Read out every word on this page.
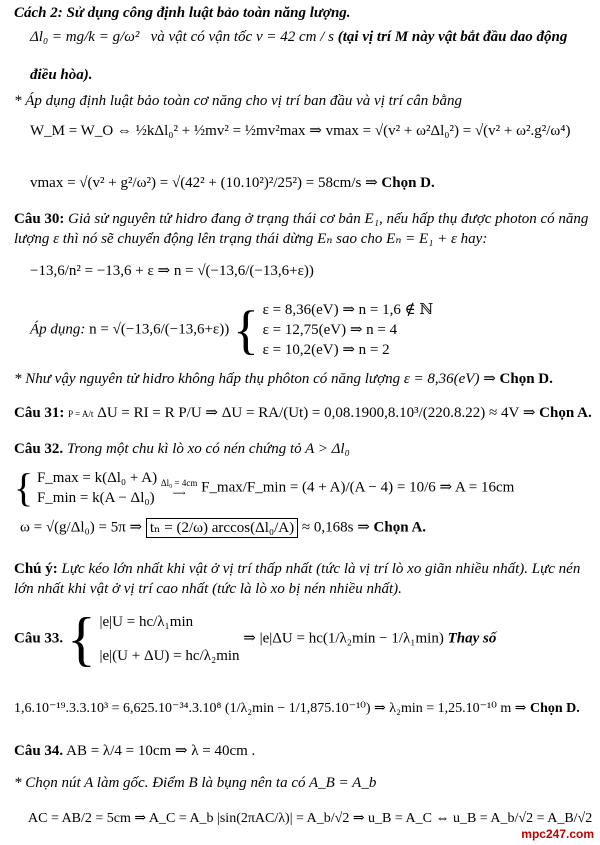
Cách 2: Sử dụng công định luật bảo toàn năng lượng.
Δl₀ = mg/k = g/ω² và vật có vận tốc v = 42 cm / s (tại vị trí M này vật bắt đầu dao động
điều hòa).
* Áp dụng định luật bảo toàn cơ năng cho vị trí ban đầu và vị trí cân bằng
W_M = W_O ⇔ ½kΔl₀² + ½mv² = ½mv²max ⇒ vmax = √(v² + ω²Δl₀²) = √(v² + ω².g²/ω⁴)
vmax = √(v² + g²/ω²) = √(42² + (10.10²)²/25²) = 58cm/s ⇒ Chọn D.
Câu 30: Giả sử nguyên tử hidro đang ở trạng thái cơ bản E₁, nếu hấp thụ được photon có năng
lượng ε thì nó sẽ chuyển động lên trạng thái dừng Eₙ sao cho Eₙ = E₁ + ε hay:
−13,6/n² = −13,6 + ε ⇒ n = √(−13,6/(−13,6+ε))
Áp dụng: n = √(−13,6/(−13,6+ε)) { ε = 8,36(eV) ⇒ n = 1,6 ∉ ℕ
ε = 12,75(eV) ⇒ n = 4
ε = 10,2(eV) ⇒ n = 2
* Như vậy nguyên tử hidro không hấp thụ phôton có năng lượng ε = 8,36(eV) ⇒ Chọn D.
Câu 31: P = A/t ΔU = RI = R P/U ⇒ ΔU = RA/(Ut) = 0,08.1900,8.10³/(220.8.22) ≈ 4V ⇒ Chọn A.
Câu 32. Trong một chu kì lò xo có nén chứng tỏ A > Δl₀
{ F_max = k(Δl₀ + A)
F_min = k(A − Δl₀)

Δl₀ = 4cm
⟶	F_max/F_min = (4 + A)/(A − 4) = 10/6 ⇒ A = 16cm
ω = √(g/Δl₀) = 5π ⇒ tₙ = (2/ω) arccos(Δl₀/A) ≈ 0,168s ⇒ Chọn A.
Chú ý: Lực kéo lớn nhất khi vật ở vị trí thấp nhất (tức là vị trí lò xo giãn nhiều nhất). Lực nén
lớn nhất khi vật ở vị trí cao nhất (tức là lò xo bị nén nhiều nhất).
Câu 33. { |e|U = hc/λ₁min
|e|(U + ΔU) = hc/λ₂min
⇒ |e|ΔU = hc(1/λ₂min − 1/λ₁min) Thay số
1,6.10⁻¹⁹.3.3.10³ = 6,625.10⁻³⁴.3.10⁸ (1/λ₂min − 1/1,875.10⁻¹⁰) ⇒ λ₂min = 1,25.10⁻¹⁰ m ⇒ Chọn D.
Câu 34. AB = λ/4 = 10cm ⇒ λ = 40cm .
* Chọn nút A làm gốc. Điểm B là bụng nên ta có A_B = A_b
AC = AB/2 = 5cm ⇒ A_C = A_b |sin(2πAC/λ)| = A_b/√2 ⇒ u_B = A_C ⇔ u_B = A_b/√2 = A_B/√2
mpc247.com
